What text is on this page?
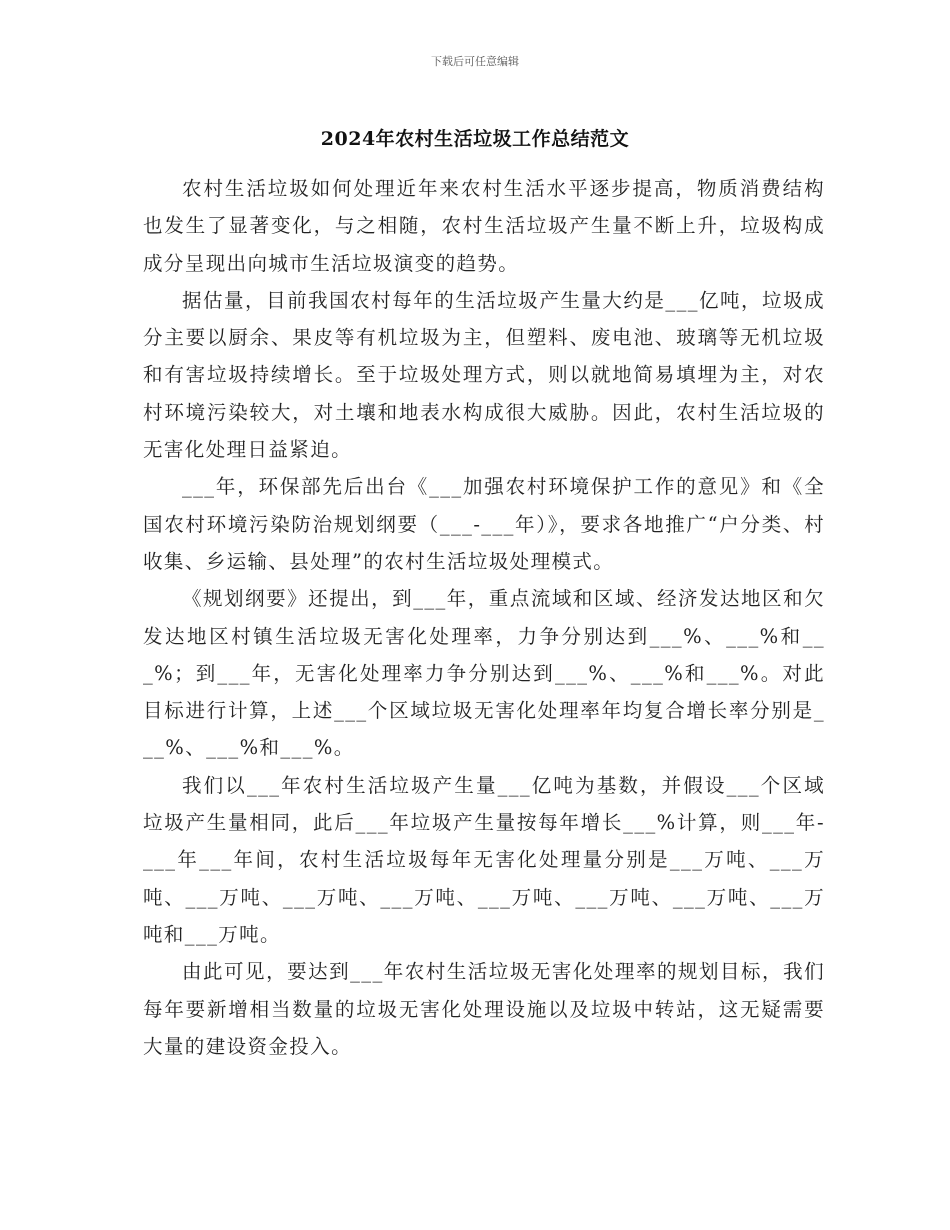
下载后可任意编辑
2024年农村生活垃圾工作总结范文

农村生活垃圾如何处理近年来农村生活水平逐步提高，物质消费结构也发生了显著变化，与之相随，农村生活垃圾产生量不断上升，垃圾构成成分呈现出向城市生活垃圾演变的趋势。

据估量，目前我国农村每年的生活垃圾产生量大约是___亿吨，垃圾成分主要以厨余、果皮等有机垃圾为主，但塑料、废电池、玻璃等无机垃圾和有害垃圾持续增长。至于垃圾处理方式，则以就地简易填埋为主，对农村环境污染较大，对土壤和地表水构成很大威胁。因此，农村生活垃圾的无害化处理日益紧迫。

___年，环保部先后出台《___加强农村环境保护工作的意见》和《全国农村环境污染防治规划纲要（___-___年）》，要求各地推广“户分类、村收集、乡运输、县处理”的农村生活垃圾处理模式。

《规划纲要》还提出，到___年，重点流域和区域、经济发达地区和欠发达地区村镇生活垃圾无害化处理率，力争分别达到___%、___%和___%；到___年，无害化处理率力争分别达到___%、___%和___%。对此目标进行计算，上述___个区域垃圾无害化处理率年均复合增长率分别是___%、___%和___%。

我们以___年农村生活垃圾产生量___亿吨为基数，并假设___个区域垃圾产生量相同，此后___年垃圾产生量按每年增长___%计算，则___年-___年___年间，农村生活垃圾每年无害化处理量分别是___万吨、___万吨、___万吨、___万吨、___万吨、___万吨、___万吨、___万吨、___万吨和___万吨。

由此可见，要达到___年农村生活垃圾无害化处理率的规划目标，我们每年要新增相当数量的垃圾无害化处理设施以及垃圾中转站，这无疑需要大量的建设资金投入。
